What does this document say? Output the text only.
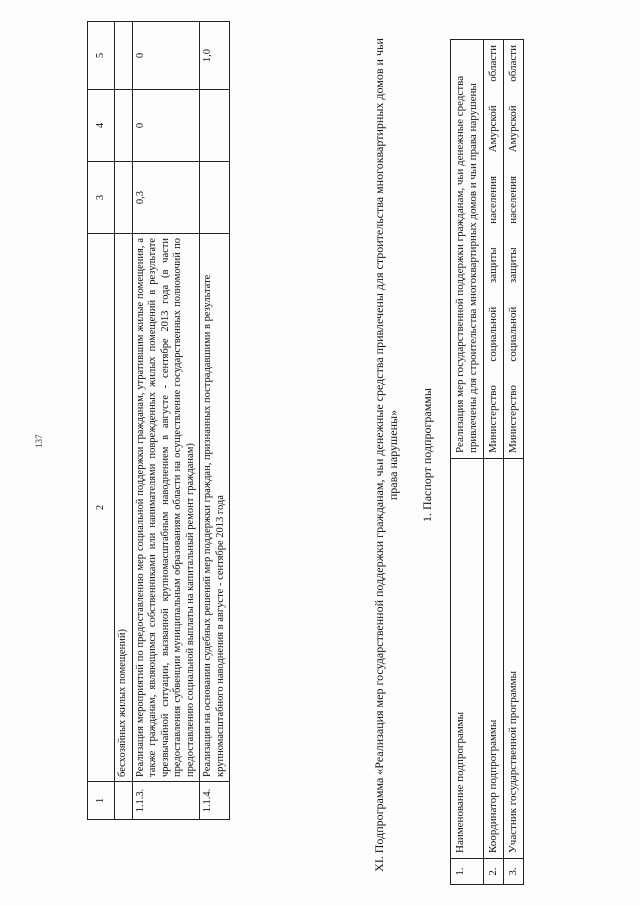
137
1	2	3	4	5
	бесхозяйных жилых помещений)			
1.1.3.	Реализация мероприятий по предоставлению мер социальной поддержки гражданам, утратившим жилые помещения, а также гражданам, являющимся собственниками или нанимателями поврежденных жилых помещений в результате чрезвычайной ситуации, вызванной крупномасштабным наводнением в августе - сентябре 2013 года (в части предоставления субвенции муниципальным образованиям области на осуществление государственных полномочий по предоставлению социальной выплаты на капитальный ремонт гражданам)	0,3	0	0
1.1.4.	Реализация на основании судебных решений мер поддержки граждан, признанных пострадавшими в результате крупномасштабного наводнения в августе - сентябре 2013 года			1,0	XI. Подпрограмма «Реализация мер государственной поддержки гражданам, чьи денежные средства привлечены для строительства многоквартирных домов и чьи права нарушены» 1. Паспорт подпрограммы
1.	Наименование подпрограммы	Реализация мер государственной поддержки гражданам, чьи денежные средства привлечены для строительства многоквартирных домов и чьи права нарушены
2.	Координатор подпрограммы	Министерство социальной защиты населения Амурской области
3.	Участник государственной программы	Министерство социальной защиты населения Амурской области
